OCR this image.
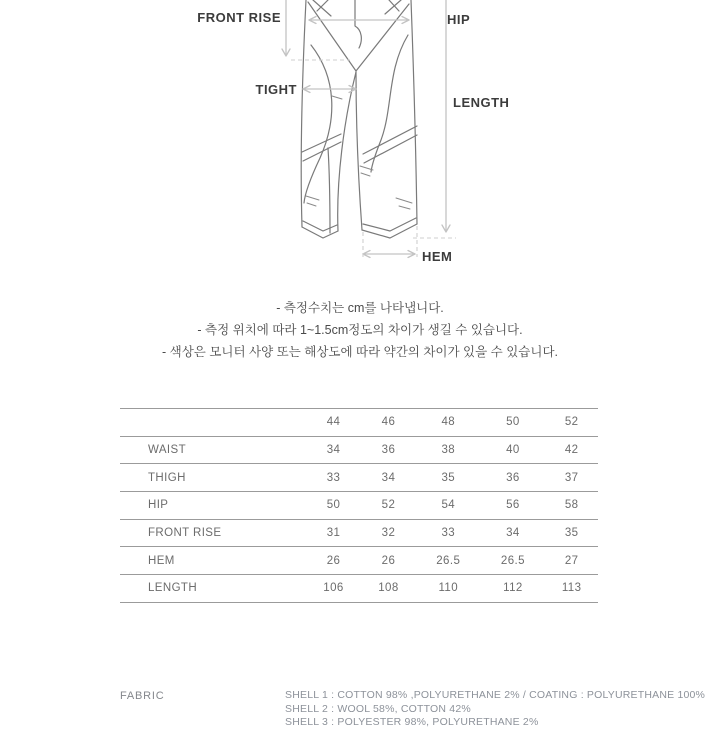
FRONT RISE	HIP
TIGHT
LENGTH
HEM
- 측정수치는 cm를 나타냅니다.
- 측정 위치에 따라 1~1.5cm정도의 차이가 생길 수 있습니다.
- 색상은 모니터 사양 또는 해상도에 따라 약간의 차이가 있을 수 있습니다.
	44	46	48	50	52
WAIST	34	36	38	40	42
THIGH	33	34	35	36	37
HIP	50	52	54	56	58
FRONT RISE	31	32	33	34	35
HEM	26	26	26.5	26.5	27
LENGTH	106	108	110	112	113
FABRIC	SHELL 1 : COTTON 98% ,POLYURETHANE 2% / COATING : POLYURETHANE 100%
SHELL 2 : WOOL 58%, COTTON 42%
SHELL 3 : POLYESTER 98%, POLYURETHANE 2%
